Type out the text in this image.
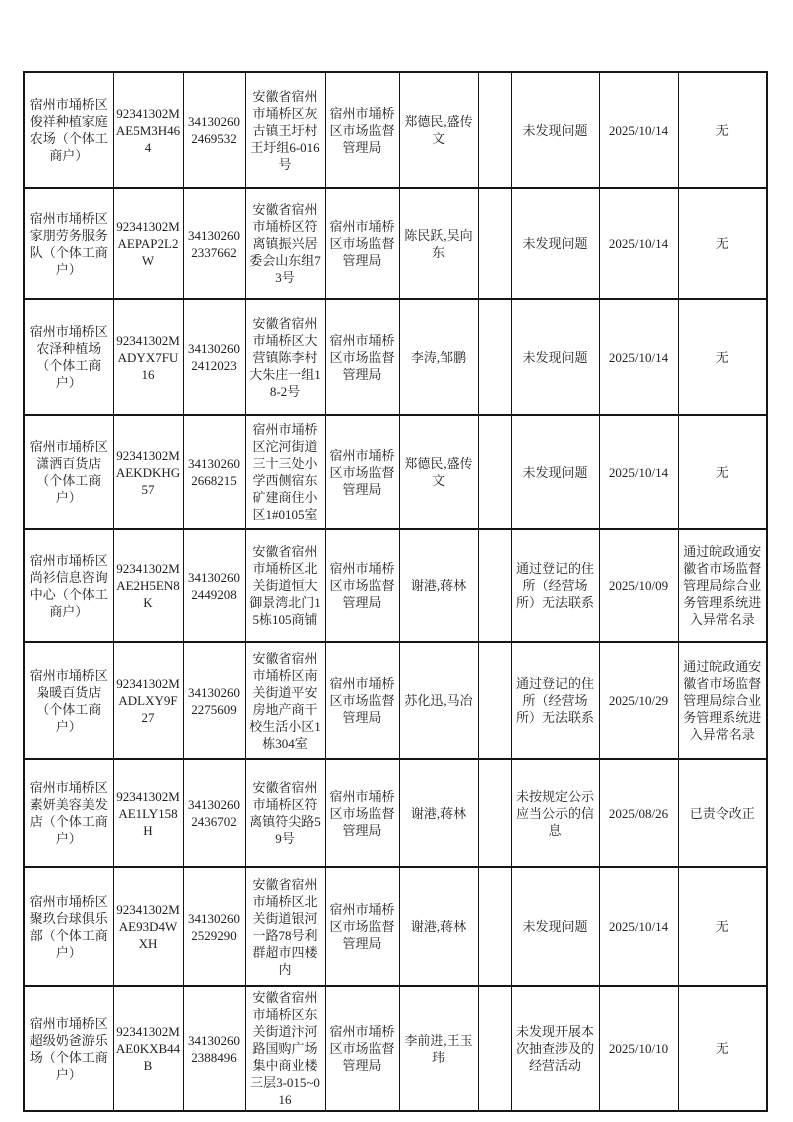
宿州市埇桥区俊祥种植家庭农场（个体工商户）	92341302MAE5M3H464	341302602469532	安徽省宿州市埇桥区灰古镇王圩村王圩组6-016号	宿州市埇桥区市场监督管理局	郑德民,盛传文		未发现问题	2025/10/14	无
宿州市埇桥区家朋劳务服务队（个体工商户）	92341302MAEPAP2L2W	341302602337662	安徽省宿州市埇桥区符离镇振兴居委会山东组73号	宿州市埇桥区市场监督管理局	陈民跃,吴向东		未发现问题	2025/10/14	无
宿州市埇桥区农泽种植场（个体工商户）	92341302MADYX7FU16	341302602412023	安徽省宿州市埇桥区大营镇陈李村大朱庄一组18-2号	宿州市埇桥区市场监督管理局	李涛,邹鹏		未发现问题	2025/10/14	无
宿州市埇桥区潇洒百货店（个体工商户）	92341302MAEKDKHG57	341302602668215	宿州市埇桥区沱河街道三十三处小学西侧宿东矿建商住小区1#0105室	宿州市埇桥区市场监督管理局	郑德民,盛传文		未发现问题	2025/10/14	无
宿州市埇桥区尚衫信息咨询中心（个体工商户）	92341302MAE2H5EN8K	341302602449208	安徽省宿州市埇桥区北关街道恒大御景湾北门15栋105商铺	宿州市埇桥区市场监督管理局	谢港,蒋林		通过登记的住所（经营场所）无法联系	2025/10/09	通过皖政通安徽省市场监督管理局综合业务管理系统进入异常名录
宿州市埇桥区枭暖百货店（个体工商户）	92341302MADLXY9F27	341302602275609	安徽省宿州市埇桥区南关街道平安房地产商干校生活小区1栋304室	宿州市埇桥区市场监督管理局	苏化迅,马冶		通过登记的住所（经营场所）无法联系	2025/10/29	通过皖政通安徽省市场监督管理局综合业务管理系统进入异常名录
宿州市埇桥区素妍美容美发店（个体工商户）	92341302MAE1LY158H	341302602436702	安徽省宿州市埇桥区符离镇符尖路59号	宿州市埇桥区市场监督管理局	谢港,蒋林		未按规定公示应当公示的信息	2025/08/26	已责令改正
宿州市埇桥区聚玖台球俱乐部（个体工商户）	92341302MAE93D4WXH	341302602529290	安徽省宿州市埇桥区北关街道银河一路78号利群超市四楼内	宿州市埇桥区市场监督管理局	谢港,蒋林		未发现问题	2025/10/14	无
宿州市埇桥区超级奶爸游乐场（个体工商户）	92341302MAE0KXB44B	341302602388496	安徽省宿州市埇桥区东关街道汴河路国购广场集中商业楼三层3-015~016	宿州市埇桥区市场监督管理局	李前进,王玉玮		未发现开展本次抽查涉及的经营活动	2025/10/10	无
